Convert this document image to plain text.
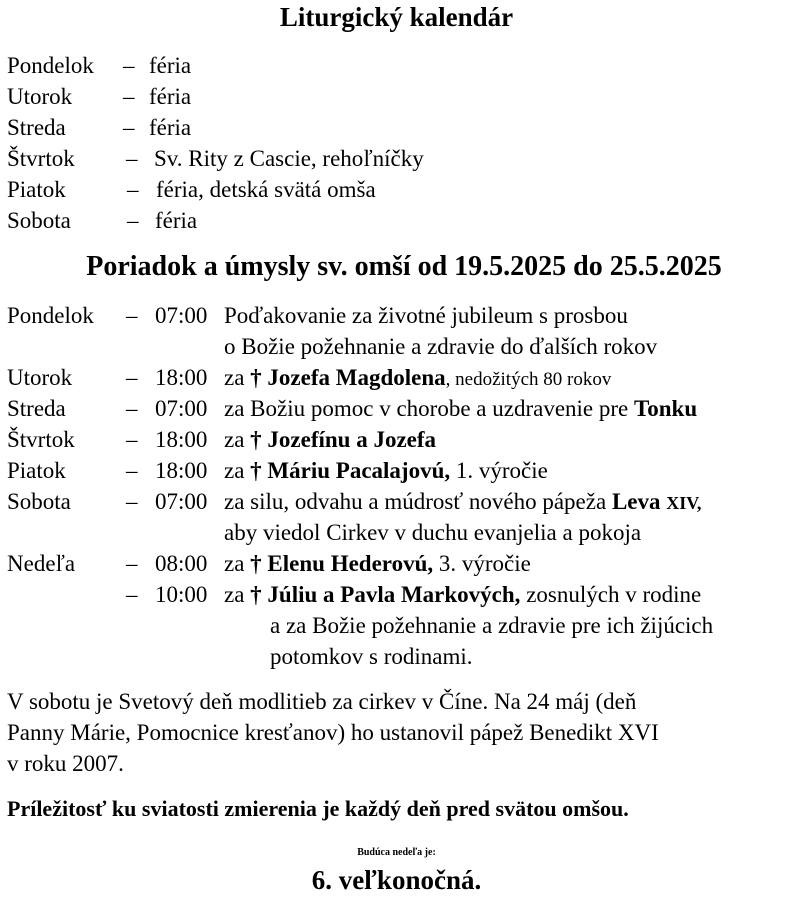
Liturgický kalendár
Pondelok – féria
Utorok – féria
Streda – féria
Štvrtok – Sv. Rity z Cascie, rehoľníčky
Piatok	– féria, detská svätá omša
Sobota – féria
Poriadok a úmysly sv. omší od 19.5.2025 do 25.5.2025
Pondelok – 07:00 Poďakovanie za životné jubileum s prosbou
o Božie požehnanie a zdravie do ďalších rokov
Utorok – 18:00 za † Jozefa Magdolena, nedožitých 80 rokov
Streda	– 07:00 za Božiu pomoc v chorobe a uzdravenie pre Tonku
Štvrtok – 18:00 za † Jozefínu a Jozefa
Piatok	– 18:00 za † Máriu Pacalajovú, 1. výročie
Sobota – 07:00 za silu, odvahu a múdrosť nového pápeža Leva XIV,
aby viedol Cirkev v duchu evanjelia a pokoja
Nedeľa – 08:00 za † Elenu Hederovú, 3. výročie
– 10:00 za † Júliu a Pavla Markových, zosnulých v rodine
a za Božie požehnanie a zdravie pre ich žijúcich
potomkov s rodinami.
V sobotu je Svetový deň modlitieb za cirkev v Číne. Na 24 máj (deň
Panny Márie, Pomocnice kresťanov) ho ustanovil pápež Benedikt XVI
v roku 2007.
Príležitosť ku sviatosti zmierenia je každý deň pred svätou omšou.
Budúca nedeľa je:
6. veľkonočná.
